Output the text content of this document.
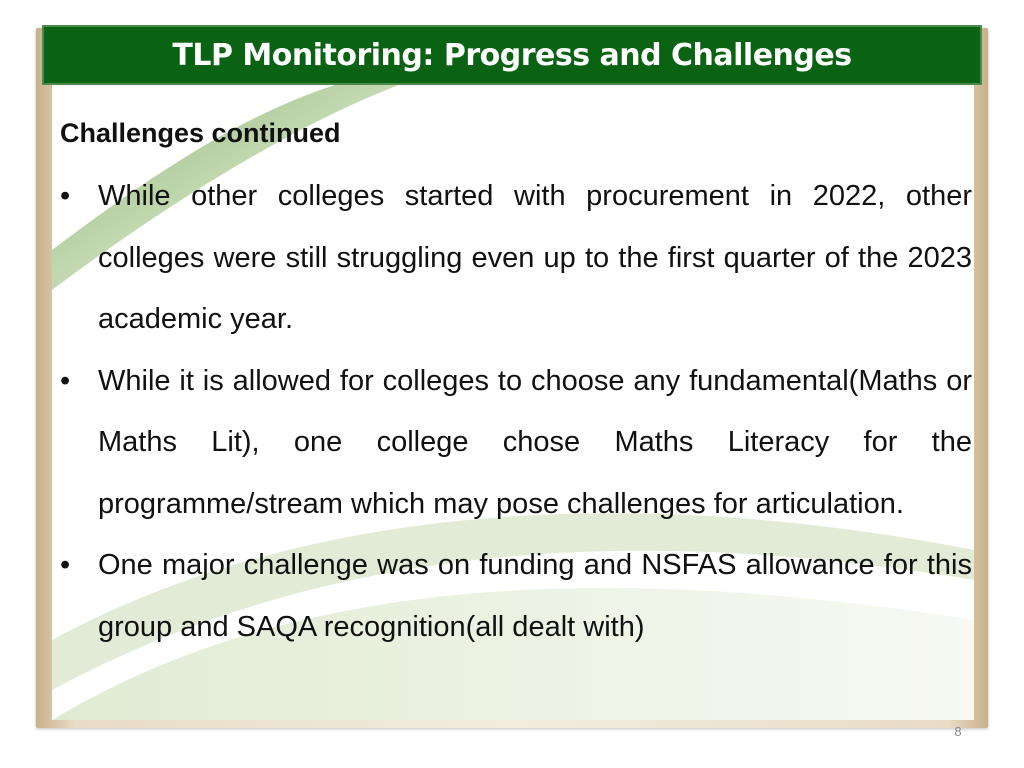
TLP Monitoring: Progress and Challenges
Challenges continued
• While other colleges started with procurement in 2022, other colleges were still struggling even up to the first quarter of the 2023 academic year.
• While it is allowed for colleges to choose any fundamental(Maths or Maths Lit), one college chose Maths Literacy for the programme/stream which may pose challenges for articulation.
• One major challenge was on funding and NSFAS allowance for this group and SAQA recognition(all dealt with)
8
